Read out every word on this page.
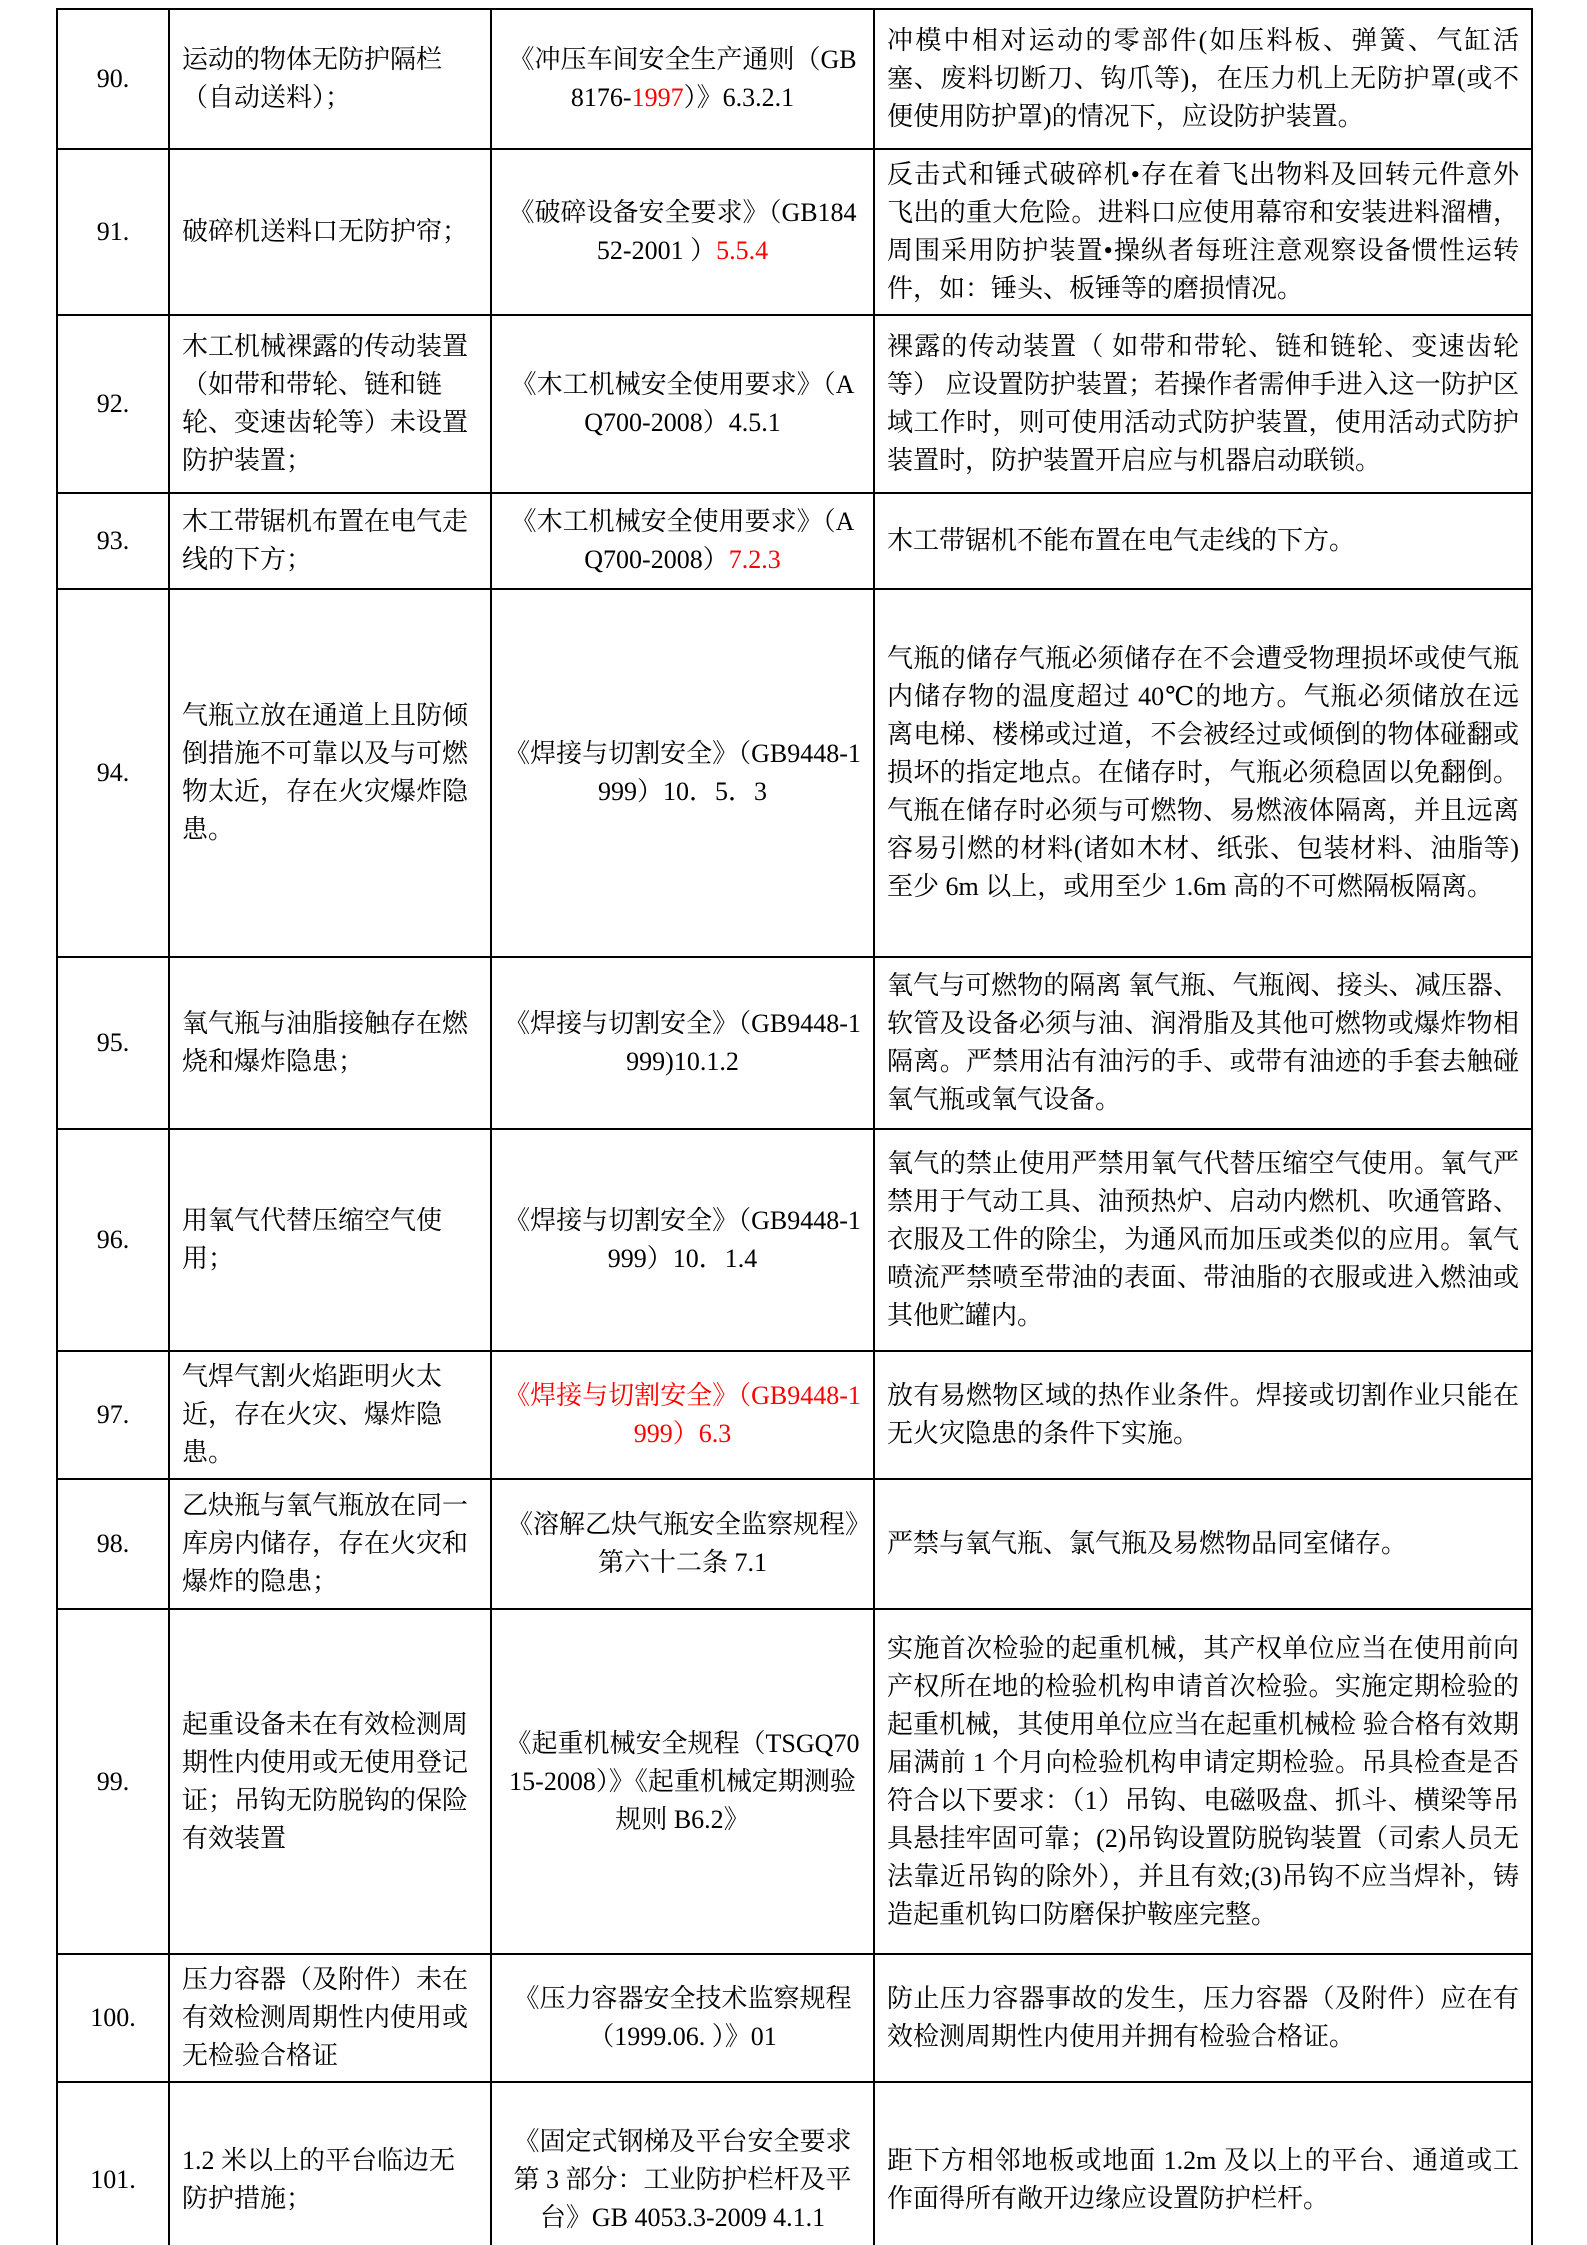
90.	运动的物体无防护隔栏（自动送料）；	《冲压车间安全生产通则（GB 8176-1997）》6.3.2.1	冲模中相对运动的零部件(如压料板、弹簧、气缸活塞、废料切断刀、钩爪等)，在压力机上无防护罩(或不便使用防护罩)的情况下，应设防护装置。
91.	破碎机送料口无防护帘；	《破碎设备安全要求》（GB18452-2001 ）5.5.4	反击式和锤式破碎机•存在着飞出物料及回转元件意外飞出的重大危险。进料口应使用幕帘和安装进料溜槽，周围采用防护装置•操纵者每班注意观察设备惯性运转件，如：锤头、板锤等的磨损情况。
92.	木工机械裸露的传动装置（如带和带轮、链和链轮、变速齿轮等）未设置防护装置；	《木工机械安全使用要求》（AQ700-2008）4.5.1	裸露的传动装置（ 如带和带轮、链和链轮、变速齿轮等） 应设置防护装置；若操作者需伸手进入这一防护区域工作时，则可使用活动式防护装置，使用活动式防护装置时，防护装置开启应与机器启动联锁。
93.	木工带锯机布置在电气走线的下方；	《木工机械安全使用要求》（AQ700-2008）7.2.3	木工带锯机不能布置在电气走线的下方。
94.	气瓶立放在通道上且防倾倒措施不可靠以及与可燃物太近，存在火灾爆炸隐患。	《焊接与切割安全》（GB9448-1999）10．5．3	气瓶的储存气瓶必须储存在不会遭受物理损坏或使气瓶内储存物的温度超过 40℃的地方。气瓶必须储放在远离电梯、楼梯或过道，不会被经过或倾倒的物体碰翻或损坏的指定地点。在储存时，气瓶必须稳固以免翻倒。气瓶在储存时必须与可燃物、易燃液体隔离，并且远离容易引燃的材料(诸如木材、纸张、包装材料、油脂等)至少 6m 以上，或用至少 1.6m 高的不可燃隔板隔离。
95.	氧气瓶与油脂接触存在燃烧和爆炸隐患；	《焊接与切割安全》（GB9448-1999)10.1.2	氧气与可燃物的隔离 氧气瓶、气瓶阀、接头、减压器、软管及设备必须与油、润滑脂及其他可燃物或爆炸物相隔离。严禁用沾有油污的手、或带有油迹的手套去触碰氧气瓶或氧气设备。
96.	用氧气代替压缩空气使用；	《焊接与切割安全》（GB9448-1999）10．1.4	氧气的禁止使用严禁用氧气代替压缩空气使用。氧气严禁用于气动工具、油预热炉、启动内燃机、吹通管路、衣服及工件的除尘，为通风而加压或类似的应用。氧气喷流严禁喷至带油的表面、带油脂的衣服或进入燃油或其他贮罐内。
97.	气焊气割火焰距明火太近，存在火灾、爆炸隐患。	《焊接与切割安全》（GB9448-1999）6.3	放有易燃物区域的热作业条件。焊接或切割作业只能在无火灾隐患的条件下实施。
98.	乙炔瓶与氧气瓶放在同一库房内储存，存在火灾和爆炸的隐患；	《溶解乙炔气瓶安全监察规程》第六十二条 7.1	严禁与氧气瓶、氯气瓶及易燃物品同室储存。
99.	起重设备未在有效检测周期性内使用或无使用登记证；吊钩无防脱钩的保险有效装置	《起重机械安全规程（TSGQ7015-2008）》《起重机械定期测验规则 B6.2》	实施首次检验的起重机械，其产权单位应当在使用前向产权所在地的检验机构申请首次检验。实施定期检验的起重机械，其使用单位应当在起重机械检 验合格有效期届满前 1 个月向检验机构申请定期检验。吊具检查是否符合以下要求：（1）吊钩、电磁吸盘、抓斗、横梁等吊具悬挂牢固可靠；(2)吊钩设置防脱钩装置（司索人员无法靠近吊钩的除外），并且有效;(3)吊钩不应当焊补，铸造起重机钩口防磨保护鞍座完整。
100.	压力容器（及附件）未在有效检测周期性内使用或无检验合格证	《压力容器安全技术监察规程 （1999.06. ）》01	防止压力容器事故的发生，压力容器（及附件）应在有效检测周期性内使用并拥有检验合格证。
101.	1.2 米以上的平台临边无防护措施；	《固定式钢梯及平台安全要求第 3 部分：工业防护栏杆及平台》GB 4053.3-2009 4.1.1	距下方相邻地板或地面 1.2m 及以上的平台、通道或工作面得所有敞开边缘应设置防护栏杆。
